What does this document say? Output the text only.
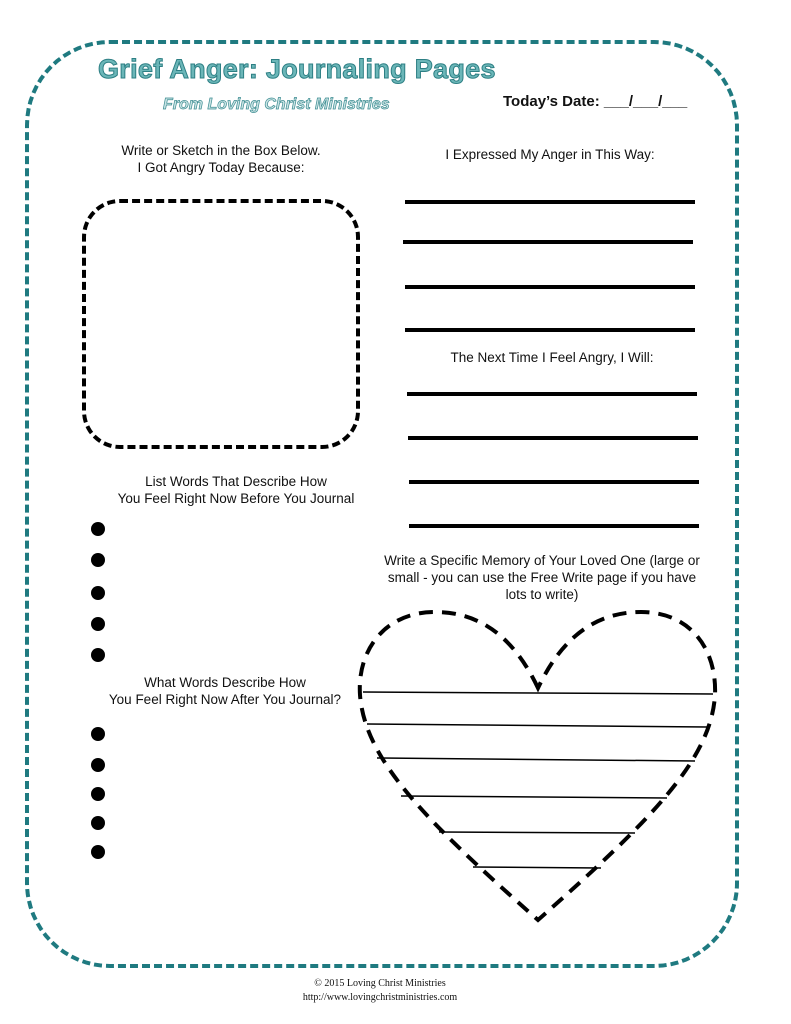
Grief Anger: Journaling Pages
From Loving Christ Ministries	Today’s Date: ___/___/___
Write or Sketch in the Box Below.
I Got Angry Today Because:
I Expressed My Anger in This Way:
The Next Time I Feel Angry, I Will:
List Words That Describe How
You Feel Right Now Before You Journal
Write a Specific Memory of Your Loved One (large or
small - you can use the Free Write page if you have
lots to write)
What Words Describe How
You Feel Right Now After You Journal?
© 2015 Loving Christ Ministries
http://www.lovingchristministries.com
